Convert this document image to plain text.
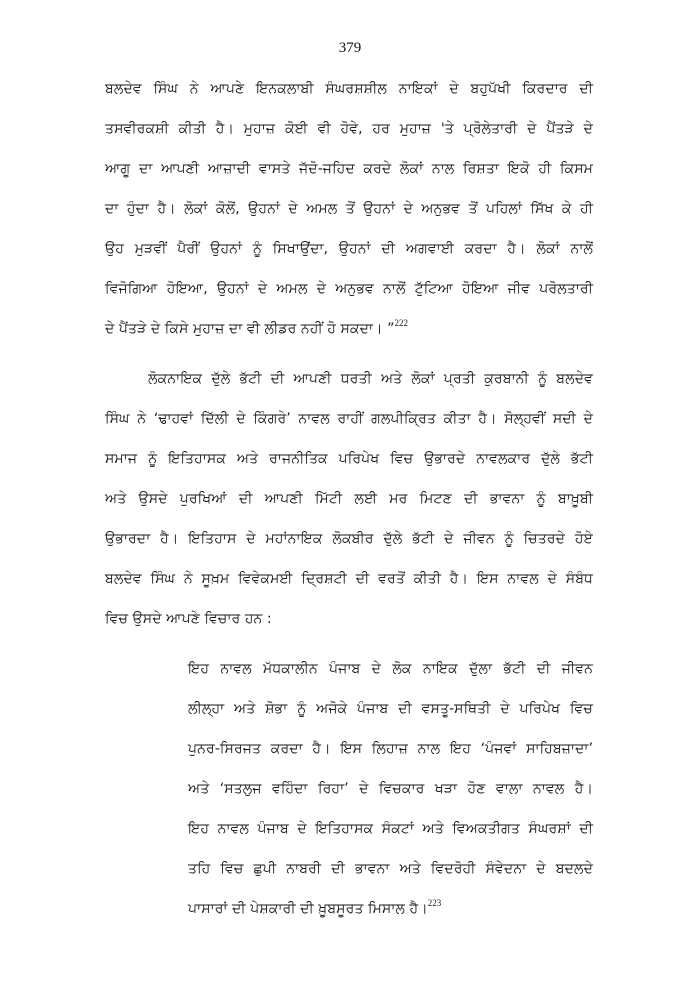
379
ਬਲਦੇਵ ਸਿੰਘ ਨੇ ਆਪਣੇ ਇਨਕਲਾਬੀ ਸੰਘਰਸ਼ਸ਼ੀਲ ਨਾਇਕਾਂ ਦੇ ਬਹੁਪੱਖੀ ਕਿਰਦਾਰ ਦੀ
ਤਸਵੀਰਕਸ਼ੀ ਕੀਤੀ ਹੈ। ਮੁਹਾਜ਼ ਕੋਈ ਵੀ ਹੋਵੇ, ਹਰ ਮੁਹਾਜ਼ 'ਤੇ ਪ੍ਰੋਲੇਤਾਰੀ ਦੇ ਪੈਂਤੜੇ ਦੇ
ਆਗੂ ਦਾ ਆਪਣੀ ਆਜ਼ਾਦੀ ਵਾਸਤੇ ਜੱਦੋ-ਜਹਿਦ ਕਰਦੇ ਲੋਕਾਂ ਨਾਲ ਰਿਸ਼ਤਾ ਇਕੋ ਹੀ ਕਿਸਮ
ਦਾ ਹੁੰਦਾ ਹੈ। ਲੋਕਾਂ ਕੋਲੋਂ, ਉਹਨਾਂ ਦੇ ਅਮਲ ਤੋਂ ਉਹਨਾਂ ਦੇ ਅਨੁਭਵ ਤੋਂ ਪਹਿਲਾਂ ਸਿੱਖ ਕੇ ਹੀ
ਉਹ ਮੁੜਵੀਂ ਪੈਰੀਂ ਉਹਨਾਂ ਨੂੰ ਸਿਖਾਉਂਦਾ, ਉਹਨਾਂ ਦੀ ਅਗਵਾਈ ਕਰਦਾ ਹੈ। ਲੋਕਾਂ ਨਾਲੋਂ
ਵਿਜੋਗਿਆ ਹੋਇਆ, ਉਹਨਾਂ ਦੇ ਅਮਲ ਦੇ ਅਨੁਭਵ ਨਾਲੋਂ ਟੁੱਟਿਆ ਹੋਇਆ ਜੀਵ ਪਰੋਲਤਾਰੀ
ਦੇ ਪੈਂਤੜੇ ਦੇ ਕਿਸੇ ਮੁਹਾਜ਼ ਦਾ ਵੀ ਲੀਡਰ ਨਹੀਂ ਹੋ ਸਕਦਾ। ”$^{222}$
ਲੋਕਨਾਇਕ ਦੁੱਲੇ ਭੱਟੀ ਦੀ ਆਪਣੀ ਧਰਤੀ ਅਤੇ ਲੋਕਾਂ ਪ੍ਰਤੀ ਕੁਰਬਾਨੀ ਨੂੰ ਬਲਦੇਵ
ਸਿੰਘ ਨੇ ‘ਢਾਹਵਾਂ ਦਿੱਲੀ ਦੇ ਕਿੰਗਰੇ’ ਨਾਵਲ ਰਾਹੀਂ ਗਲਪੀਕ੍ਰਿਤ ਕੀਤਾ ਹੈ। ਸੋਲ੍ਹਵੀਂ ਸਦੀ ਦੇ
ਸਮਾਜ ਨੂੰ ਇਤਿਹਾਸਕ ਅਤੇ ਰਾਜਨੀਤਿਕ ਪਰਿਪੇਖ ਵਿਚ ਉਭਾਰਦੇ ਨਾਵਲਕਾਰ ਦੁੱਲੇ ਭੱਟੀ
ਅਤੇ ਉਸਦੇ ਪੁਰਖਿਆਂ ਦੀ ਆਪਣੀ ਮਿੱਟੀ ਲਈ ਮਰ ਮਿਟਣ ਦੀ ਭਾਵਨਾ ਨੂੰ ਬਾਖ਼ੂਬੀ
ਉਭਾਰਦਾ ਹੈ। ਇਤਿਹਾਸ ਦੇ ਮਹਾਂਨਾਇਕ ਲੋਕਬੀਰ ਦੁੱਲੇ ਭੱਟੀ ਦੇ ਜੀਵਨ ਨੂੰ ਚਿਤਰਦੇ ਹੋਏ
ਬਲਦੇਵ ਸਿੰਘ ਨੇ ਸੂਖ਼ਮ ਵਿਵੇਕਮਈ ਦ੍ਰਿਸ਼ਟੀ ਦੀ ਵਰਤੋਂ ਕੀਤੀ ਹੈ। ਇਸ ਨਾਵਲ ਦੇ ਸੰਬੰਧ
ਵਿਚ ਉਸਦੇ ਆਪਣੇ ਵਿਚਾਰ ਹਨ :
ਇਹ ਨਾਵਲ ਮੱਧਕਾਲੀਨ ਪੰਜਾਬ ਦੇ ਲੋਕ ਨਾਇਕ ਦੁੱਲਾ ਭੱਟੀ ਦੀ ਜੀਵਨ
ਲੀਲ੍ਹਾ ਅਤੇ ਸ਼ੋਭਾ ਨੂੰ ਅਜੋਕੇ ਪੰਜਾਬ ਦੀ ਵਸਤੂ-ਸਥਿਤੀ ਦੇ ਪਰਿਪੇਖ ਵਿਚ
ਪੁਨਰ-ਸਿਰਜਤ ਕਰਦਾ ਹੈ। ਇਸ ਲਿਹਾਜ਼ ਨਾਲ ਇਹ ‘ਪੰਜਵਾਂ ਸਾਹਿਬਜ਼ਾਦਾ’
ਅਤੇ ‘ਸਤਲੁਜ ਵਹਿੰਦਾ ਰਿਹਾ’ ਦੇ ਵਿਚਕਾਰ ਖੜਾ ਹੋਣ ਵਾਲਾ ਨਾਵਲ ਹੈ।
ਇਹ ਨਾਵਲ ਪੰਜਾਬ ਦੇ ਇਤਿਹਾਸਕ ਸੰਕਟਾਂ ਅਤੇ ਵਿਅਕਤੀਗਤ ਸੰਘਰਸ਼ਾਂ ਦੀ
ਤਹਿ ਵਿਚ ਛੁਪੀ ਨਾਬਰੀ ਦੀ ਭਾਵਨਾ ਅਤੇ ਵਿਦਰੋਹੀ ਸੰਵੇਦਨਾ ਦੇ ਬਦਲਦੇ
ਪਾਸਾਰਾਂ ਦੀ ਪੇਸ਼ਕਾਰੀ ਦੀ ਖ਼ੂਬਸੂਰਤ ਮਿਸਾਲ ਹੈ।$^{223}$
